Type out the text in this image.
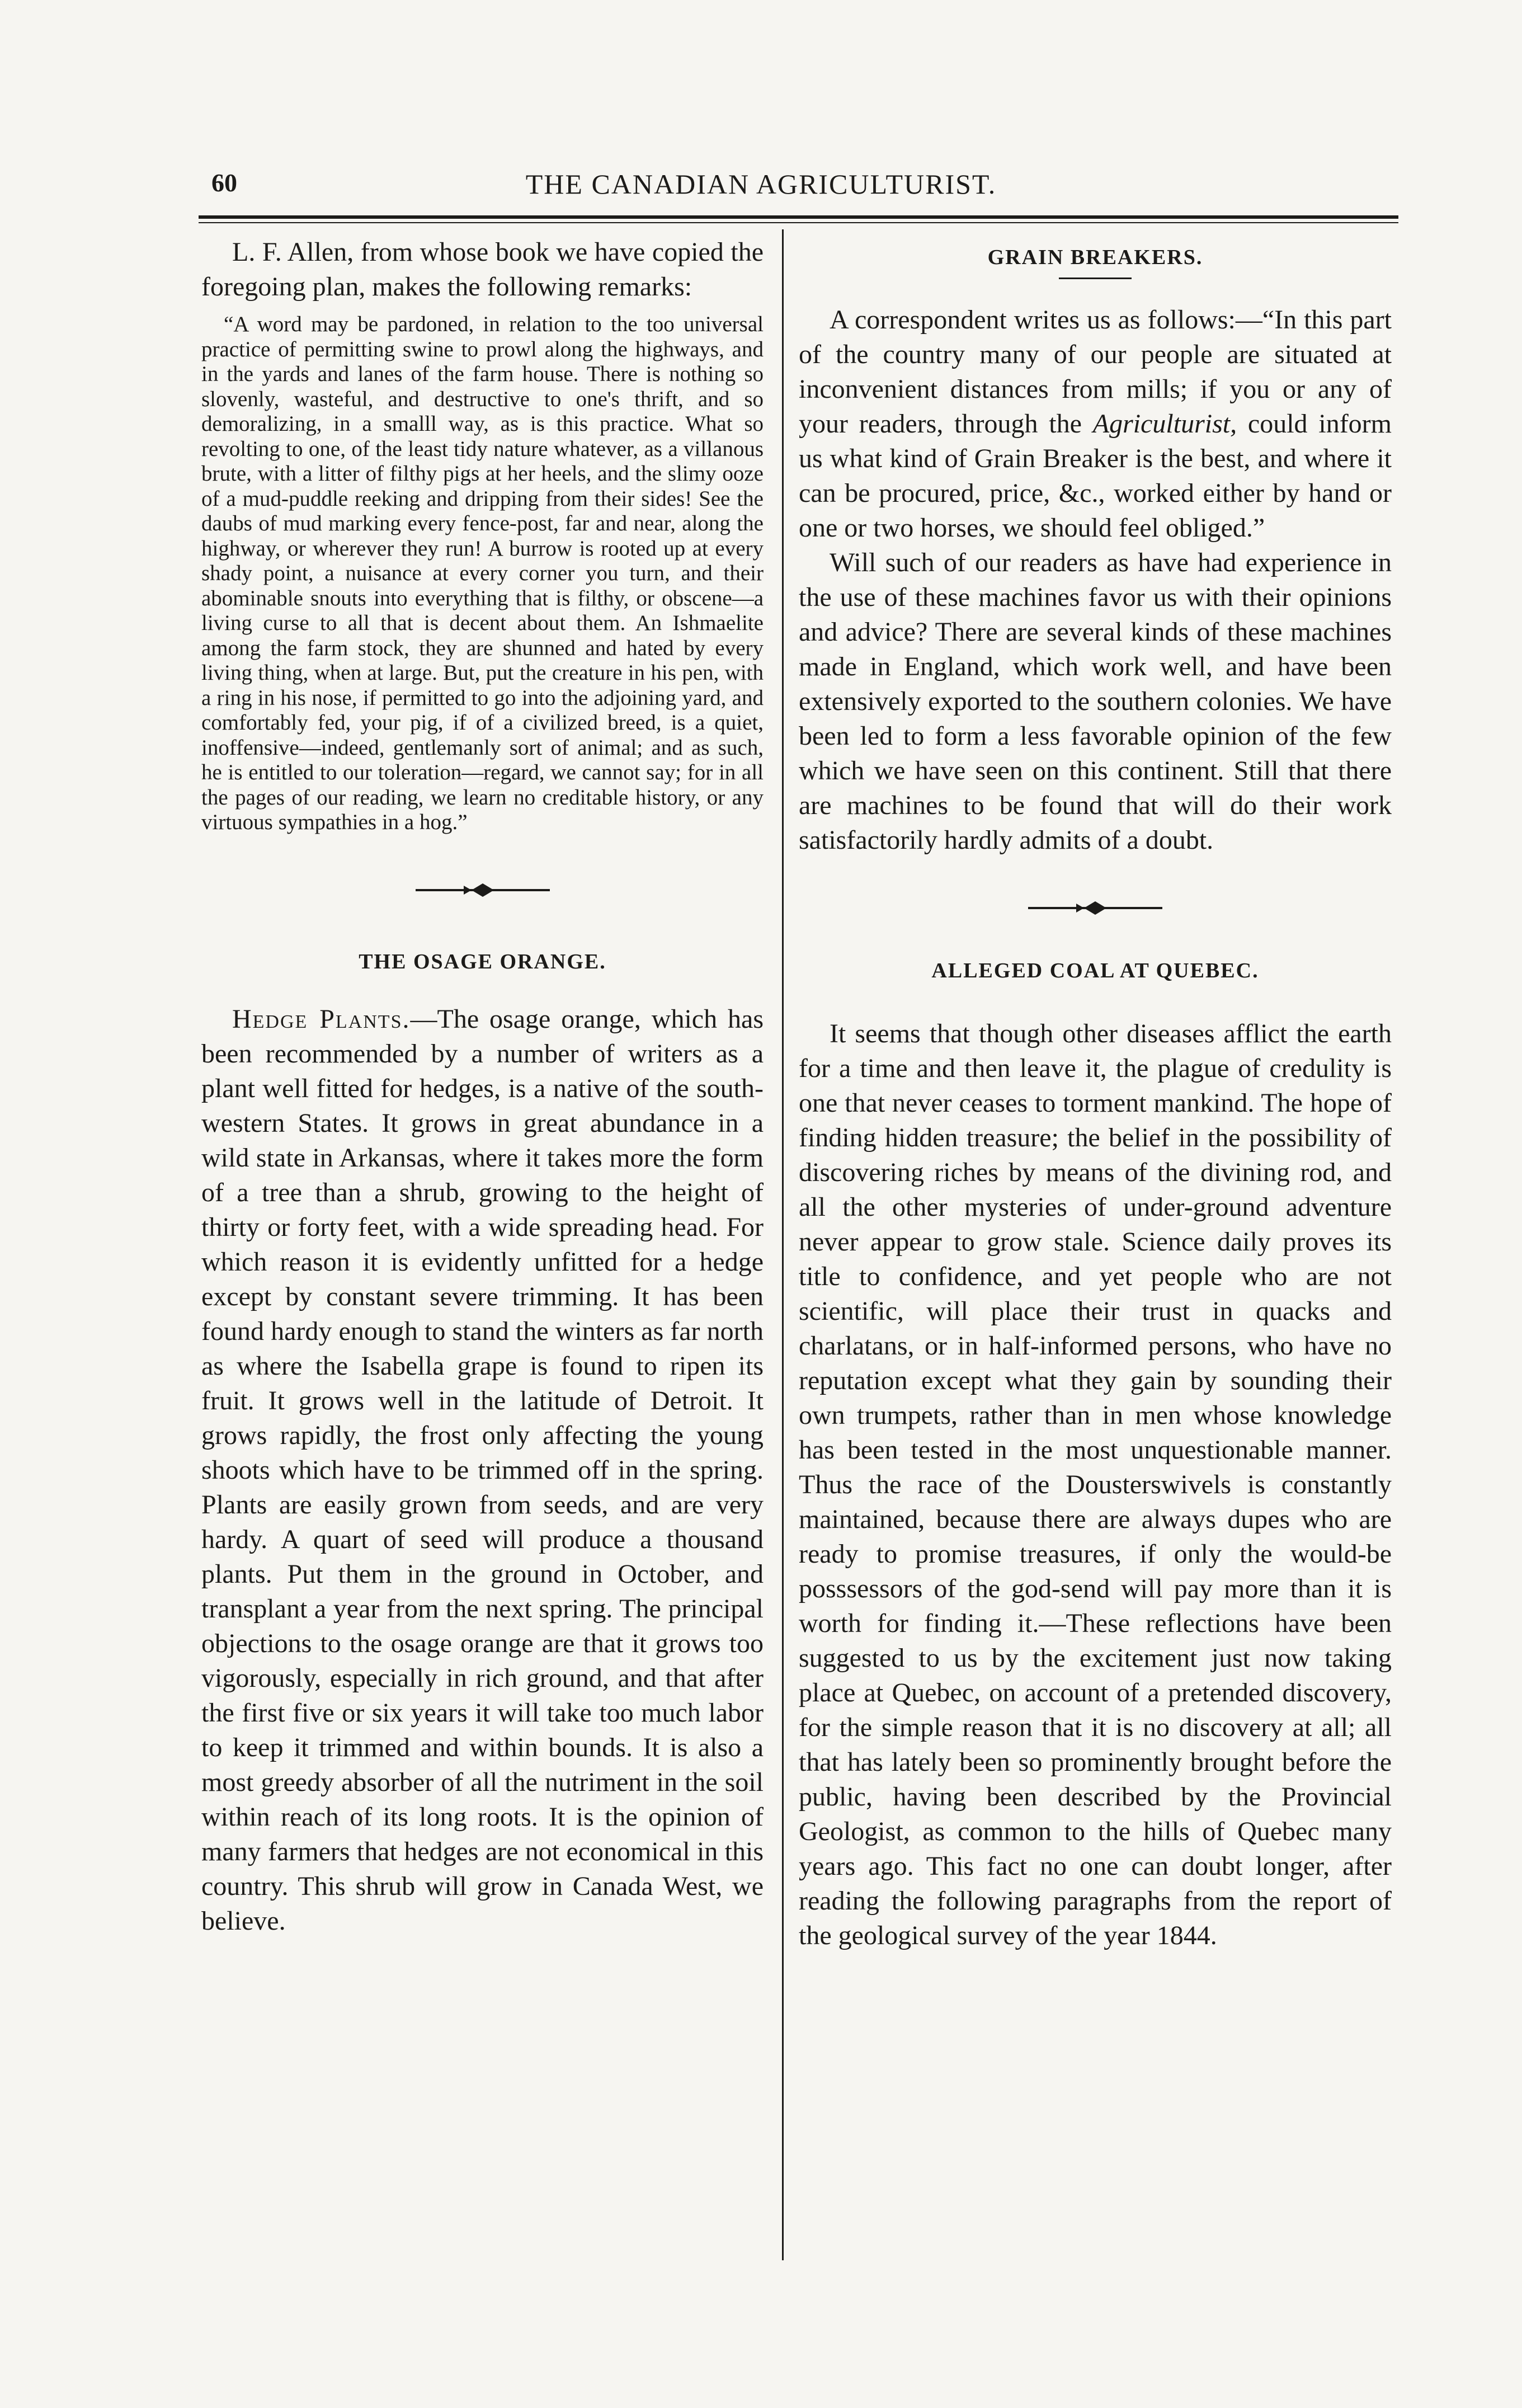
60	THE CANADIAN AGRICULTURIST.

L. F. Allen, from whose book we have copied the foregoing plan, makes the following remarks:

“A word may be pardoned, in relation to the too universal practice of permitting swine to prowl along the highways, and in the yards and lanes of the farm house. There is nothing so slovenly, wasteful, and destructive to one's thrift, and so demoralizing, in a smalll way, as is this practice. What so revolting to one, of the least tidy nature whatever, as a villanous brute, with a litter of filthy pigs at her heels, and the slimy ooze of a mud-puddle reeking and dripping from their sides! See the daubs of mud marking every fence-post, far and near, along the highway, or wherever they run! A burrow is rooted up at every shady point, a nuisance at every corner you turn, and their abominable snouts into everything that is filthy, or obscene—a living curse to all that is decent about them. An Ishmaelite among the farm stock, they are shunned and hated by every living thing, when at large. But, put the creature in his pen, with a ring in his nose, if permitted to go into the adjoining yard, and comfortably fed, your pig, if of a civilized breed, is a quiet, inoffensive—indeed, gentlemanly sort of animal; and as such, he is entitled to our toleration—regard, we cannot say; for in all the pages of our reading, we learn no creditable history, or any virtuous sympathies in a hog.”

THE OSAGE ORANGE.

Hedge Plants.—The osage orange, which has been recommended by a number of writers as a plant well fitted for hedges, is a native of the south-western States. It grows in great abundance in a wild state in Arkansas, where it takes more the form of a tree than a shrub, growing to the height of thirty or forty feet, with a wide spreading head. For which reason it is evidently unfitted for a hedge except by constant severe trimming. It has been found hardy enough to stand the winters as far north as where the Isabella grape is found to ripen its fruit. It grows well in the latitude of Detroit. It grows rapidly, the frost only affecting the young shoots which have to be trimmed off in the spring. Plants are easily grown from seeds, and are very hardy. A quart of seed will produce a thousand plants. Put them in the ground in October, and transplant a year from the next spring. The principal objections to the osage orange are that it grows too vigorously, especially in rich ground, and that after the first five or six years it will take too much labor to keep it trimmed and within bounds. It is also a most greedy absorber of all the nutriment in the soil within reach of its long roots. It is the opinion of many farmers that hedges are not economical in this country. This shrub will grow in Canada West, we believe.

GRAIN BREAKERS.

A correspondent writes us as follows:—“In this part of the country many of our people are situated at inconvenient distances from mills; if you or any of your readers, through the Agriculturist, could inform us what kind of Grain Breaker is the best, and where it can be procured, price, &c., worked either by hand or one or two horses, we should feel obliged.”

Will such of our readers as have had experience in the use of these machines favor us with their opinions and advice? There are several kinds of these machines made in England, which work well, and have been extensively exported to the southern colonies. We have been led to form a less favorable opinion of the few which we have seen on this continent. Still that there are machines to be found that will do their work satisfactorily hardly admits of a doubt.

ALLEGED COAL AT QUEBEC.

It seems that though other diseases afflict the earth for a time and then leave it, the plague of credulity is one that never ceases to torment mankind. The hope of finding hidden treasure; the belief in the possibility of discovering riches by means of the divining rod, and all the other mysteries of under-ground adventure never appear to grow stale. Science daily proves its title to confidence, and yet people who are not scientific, will place their trust in quacks and charlatans, or in half-informed persons, who have no reputation except what they gain by sounding their own trumpets, rather than in men whose knowledge has been tested in the most unquestionable manner. Thus the race of the Dousterswivels is constantly maintained, because there are always dupes who are ready to promise treasures, if only the would-be posssessors of the god-send will pay more than it is worth for finding it.—These reflections have been suggested to us by the excitement just now taking place at Quebec, on account of a pretended discovery, for the simple reason that it is no discovery at all; all that has lately been so prominently brought before the public, having been described by the Provincial Geologist, as common to the hills of Quebec many years ago. This fact no one can doubt longer, after reading the following paragraphs from the report of the geological survey of the year 1844.
